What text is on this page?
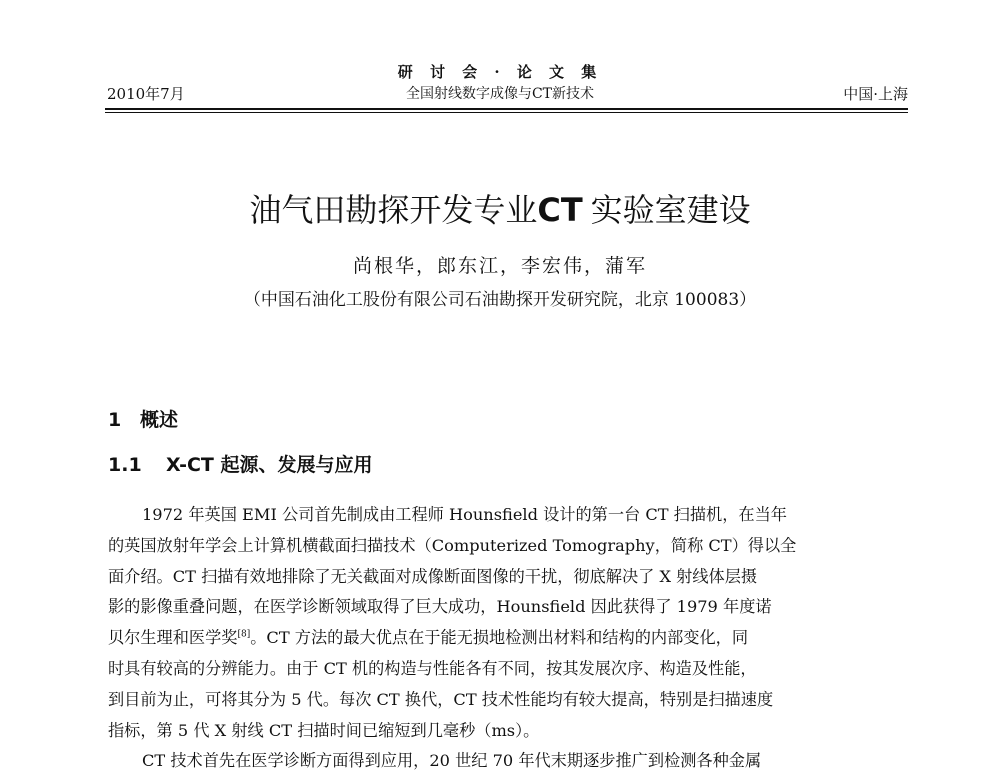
研 讨 会 · 论 文 集
全国射线数字成像与CT新技术
2010年7月	中国·上海
油气田勘探开发专业CT 实验室建设
尚根华，郎东江，李宏伟，蒲军
（中国石油化工股份有限公司石油勘探开发研究院，北京 100083）
1 概述
1.1 X-CT 起源、发展与应用
1972 年英国 EMI 公司首先制成由工程师 Hounsfield 设计的第一台 CT 扫描机，在当年
的英国放射年学会上计算机横截面扫描技术（Computerized Tomography，简称 CT）得以全
面介绍。CT 扫描有效地排除了无关截面对成像断面图像的干扰，彻底解决了 X 射线体层摄
影的影像重叠问题，在医学诊断领域取得了巨大成功，Hounsfield 因此获得了 1979 年度诺
贝尔生理和医学奖[8]。CT 方法的最大优点在于能无损地检测出材料和结构的内部变化，同
时具有较高的分辨能力。由于 CT 机的构造与性能各有不同，按其发展次序、构造及性能，
到目前为止，可将其分为 5 代。每次 CT 换代，CT 技术性能均有较大提高，特别是扫描速度
指标，第 5 代 X 射线 CT 扫描时间已缩短到几毫秒（ms）。
CT 技术首先在医学诊断方面得到应用，20 世纪 70 年代末期逐步推广到检测各种金属
